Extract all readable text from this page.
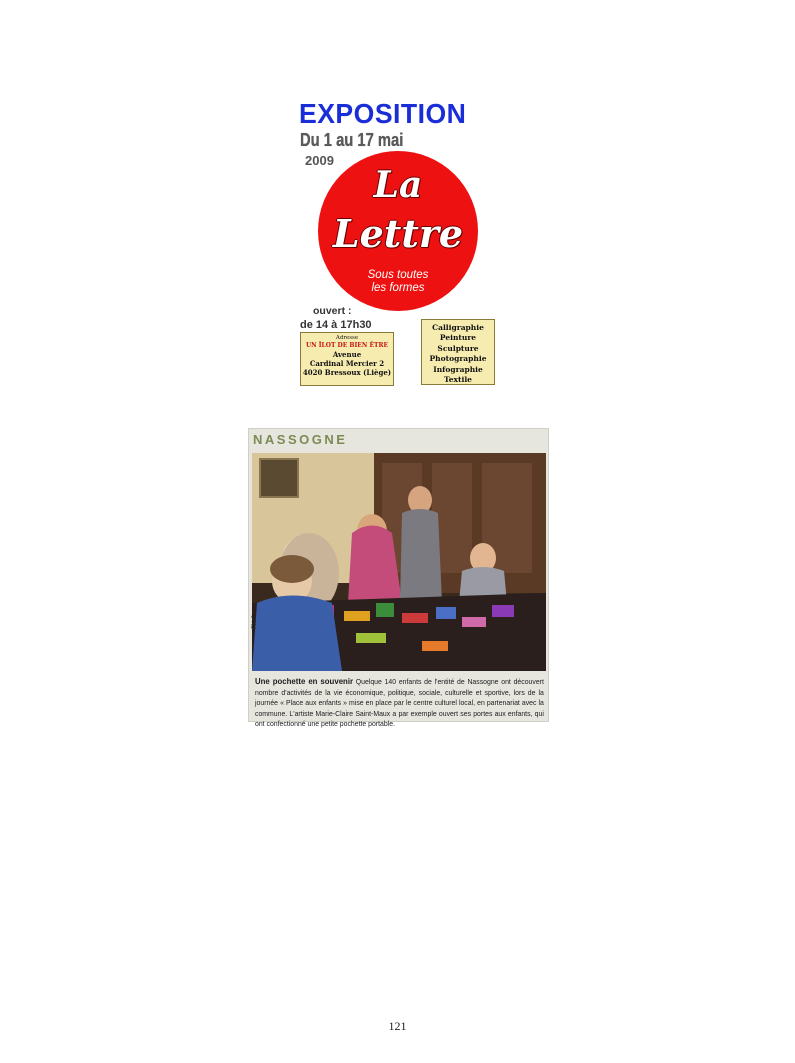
EXPOSITION
La
Lettre
Sous toutes
les formes
Du 1 au 17 mai
2009
ouvert :
de 14 à 17h30
Adresse
UN ÎLOT DE BIEN ÊTRE
Avenue
Cardinal Mercier 2
4020 Bressoux (Liège)
Calligraphie
Peinture
Sculpture
Photographie
Infographie
Textile
NASSOGNE
FN-C
Une pochette en souvenir Quelque 140 enfants de l'entité de Nassogne ont découvert nombre d'activités de la vie économique, politique, sociale, culturelle et sportive, lors de la journée « Place aux enfants » mise en place par le centre culturel local, en partenariat avec la commune. L'artiste Marie-Claire Saint-Maux a par exemple ouvert ses portes aux enfants, qui ont confectionné une petite pochette portable.
121
